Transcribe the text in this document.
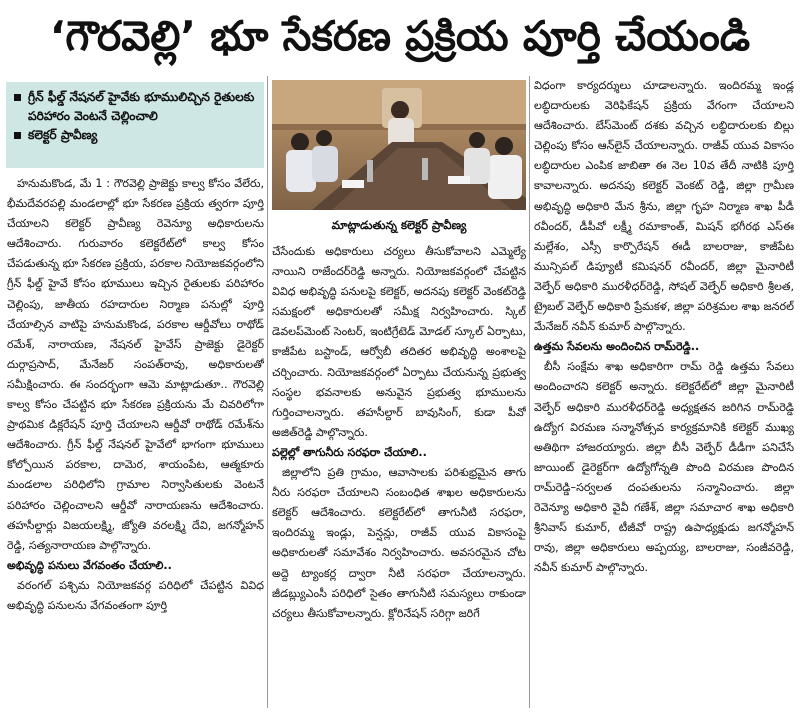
‘గౌరవెల్లి’ భూ సేకరణ ప్రక్రియ పూర్తి చేయండి
గ్రీన్ ఫీల్డ్ నేషనల్ హైవేకు భూములిచ్చిన రైతులకు పరిహారం వెంటనే చెల్లించాలి
కలెక్టర్ ప్రావీణ్య
మాట్లాడుతున్న కలెక్టర్ ప్రావీణ్య

హనుమకొండ, మే 1 : గౌరవెల్లి ప్రాజెక్టు కాల్వ కోసం వేలేరు, భీమదేవరపల్లి మండలాల్లో భూ సేకరణ ప్రక్రియ త్వరగా పూర్తి చేయాలని కలెక్టర్ ప్రావీణ్య రెవెన్యూ అధికారులను ఆదేశించారు. గురువారం కలెక్టరేట్‌లో కాల్వ కోసం చేపడుతున్న భూ సేకరణ ప్రక్రియ, పరకాల నియోజకవర్గంలోని గ్రీన్ ఫీల్డ్ హైవే కోసం భూములు ఇచ్చిన రైతులకు పరిహారం చెల్లింపు, జాతీయ రహదారుల నిర్మాణ పనుల్లో పూర్తి చేయాల్సిన వాటిపై హనుమకొండ, పరకాల ఆర్డీవోలు రాథోడ్ రమేశ్, నారాయణ, నేషనల్ హైవేస్ ప్రాజెక్టు డైరెక్టర్ దుర్గాప్రసాద్, మేనేజర్ సంపత్‌రావు, అధికారులతో సమీక్షించారు. ఈ సందర్భంగా ఆమె మాట్లాడుతూ.. గౌరవెల్లి కాల్వ కోసం చేపట్టిన భూ సేకరణ ప్రక్రియను మే చివరిలోగా ప్రాథమిక డిక్లరేషన్ పూర్తి చేయాలని ఆర్డీవో రాథోడ్ రమేశ్‌ను ఆదేశించారు. గ్రీన్ ఫీల్డ్ నేషనల్ హైవేలో భాగంగా భూములు కోల్పోయిన పరకాల, దామెర, శాయంపేట, ఆత్మకూరు మండలాల పరిధిలోని గ్రామాల నిర్వాసితులకు వెంటనే పరిహారం చెల్లించాలని ఆర్డీవో నారాయణను ఆదేశించారు. తహసీల్దార్లు విజయలక్ష్మి, జ్యోతి వరలక్ష్మి దేవి, జగన్మోహన్ రెడ్డి, సత్యనారాయణ పాల్గొన్నారు.

అభివృద్ధి పనులు వేగవంతం చేయాలి..

వరంగల్ పశ్చిమ నియోజకవర్గ పరిధిలో చేపట్టిన వివిధ అభివృద్ధి పనులను వేగవంతంగా పూర్తి

చేసేందుకు అధికారులు చర్యలు తీసుకోవాలని ఎమ్మెల్యే నాయిని రాజేందర్‌రెడ్డి అన్నారు. నియోజకవర్గంలో చేపట్టిన వివిధ అభివృద్ధి పనులపై కలెక్టర్, అదనపు కలెక్టర్ వెంకట్‌రెడ్డి సమక్షంలో అధికారులతో సమీక్ష నిర్వహించారు. స్కిల్ డెవలప్‌మెంట్ సెంటర్, ఇంటిగ్రేటెడ్ మోడల్ స్కూల్ ఏర్పాటు, కాజీపేట బస్టాండ్, ఆర్వోబీ తదితర అభివృద్ధి అంశాలపై చర్చించారు. నియోజకవర్గంలో ఏర్పాటు చేయనున్న ప్రభుత్వ సంస్థల భవనాలకు అనువైన ప్రభుత్వ భూములను గుర్తించాలన్నారు. తహసీల్దార్ బావుసింగ్, కుడా పీవో అజిత్‌రెడ్డి పాల్గొన్నారు.

పల్లెల్లో తాగునీరు సరఫరా చేయాలి..

జిల్లాలోని ప్రతి గ్రామం, ఆవాసాలకు పరిశుభ్రమైన తాగు నీరు సరఫరా చేయాలని సంబంధిత శాఖల అధికారులను కలెక్టర్ ఆదేశించారు. కలెక్టరేట్‌లో తాగునీటి సరఫరా, ఇందిరమ్మ ఇండ్లు, పెన్షన్లు, రాజీవ్ యువ వికాసంపై అధికారులతో సమావేశం నిర్వహించారు. అవసరమైన చోట అద్దె ట్యాంకర్ల ద్వారా నీటి సరఫరా చేయాలన్నారు. జీడబ్ల్యుఎంసీ పరిధిలో సైతం తాగునీటి సమస్యలు రాకుండా చర్యలు తీసుకోవాలన్నారు. క్లోరినేషన్ సరిగ్గా జరిగే

విధంగా కార్యదర్శులు చూడాలన్నారు. ఇందిరమ్మ ఇండ్ల లబ్ధిదారులకు వెరిఫికేషన్ ప్రక్రియ వేగంగా చేయాలని ఆదేశించారు. బేస్‌మెంట్ దశకు వచ్చిన లబ్ధిదారులకు బిల్లు చెల్లింపు కోసం ఆన్‌లైన్ చేయాలన్నారు. రాజీవ్ యువ వికాసం లబ్ధిదారుల ఎంపిక జాబితా ఈ నెల 10వ తేదీ నాటికి పూర్తి కావాలన్నారు. అదనపు కలెక్టర్ వెంకట్ రెడ్డి, జిల్లా గ్రామీణ అభివృద్ధి అధికారి మేన శ్రీను, జిల్లా గృహ నిర్మాణ శాఖ పీడీ రవీందర్, డీపీవో లక్ష్మీ రమాకాంత్, మిషన్ భగీరథ ఎస్ఈ మల్లేశం, ఎస్సీ కార్పొరేషన్ ఈడీ బాలరాజు, కాజీపేట మున్సిపల్ డిప్యూటీ కమిషనర్ రవీందర్, జిల్లా మైనారిటీ వెల్ఫేర్ అధికారి మురళీధర్‌రెడ్డి, సోషల్ వెల్ఫేర్ అధికారి శ్రీలత, ట్రైబల్ వెల్ఫేర్ అధికారి ప్రేమకళ, జిల్లా పరిశ్రమల శాఖ జనరల్ మేనేజర్ నవీన్ కుమార్ పాల్గొన్నారు.

ఉత్తమ సేవలను అందించిన రామ్‌రెడ్డి..

బీసీ సంక్షేమ శాఖ అధికారిగా రామ్ రెడ్డి ఉత్తమ సేవలు అందించారని కలెక్టర్ అన్నారు. కలెక్టరేట్‌లో జిల్లా మైనారిటీ వెల్ఫేర్ అధికారి మురళీధర్‌రెడ్డి అధ్యక్షతన జరిగిన రామ్‌రెడ్డి ఉద్యోగ విరమణ సన్మానోత్సవ కార్యక్రమానికి కలెక్టర్ ముఖ్య అతిథిగా హాజరయ్యారు. జిల్లా బీసీ వెల్ఫేర్ డీడీగా పనిచేసే జాయింట్ డైరెక్టర్‌గా ఉద్యోగోన్నతి పొంది విరమణ పొందిన రామ్‌రెడ్డి–సర్వలత దంపతులను సన్మానించారు. జిల్లా రెవెన్యూ అధికారి వైవీ గణేశ్, జిల్లా సమాచార శాఖ అధికారి శ్రీనివాస్ కుమార్, టీజీవో రాష్ట్ర ఉపాధ్యక్షుడు జగన్మోహన్ రావు, జిల్లా అధికారులు అప్పయ్య, బాలరాజు, సంజీవరెడ్డి, నవీన్ కుమార్ పాల్గొన్నారు.
